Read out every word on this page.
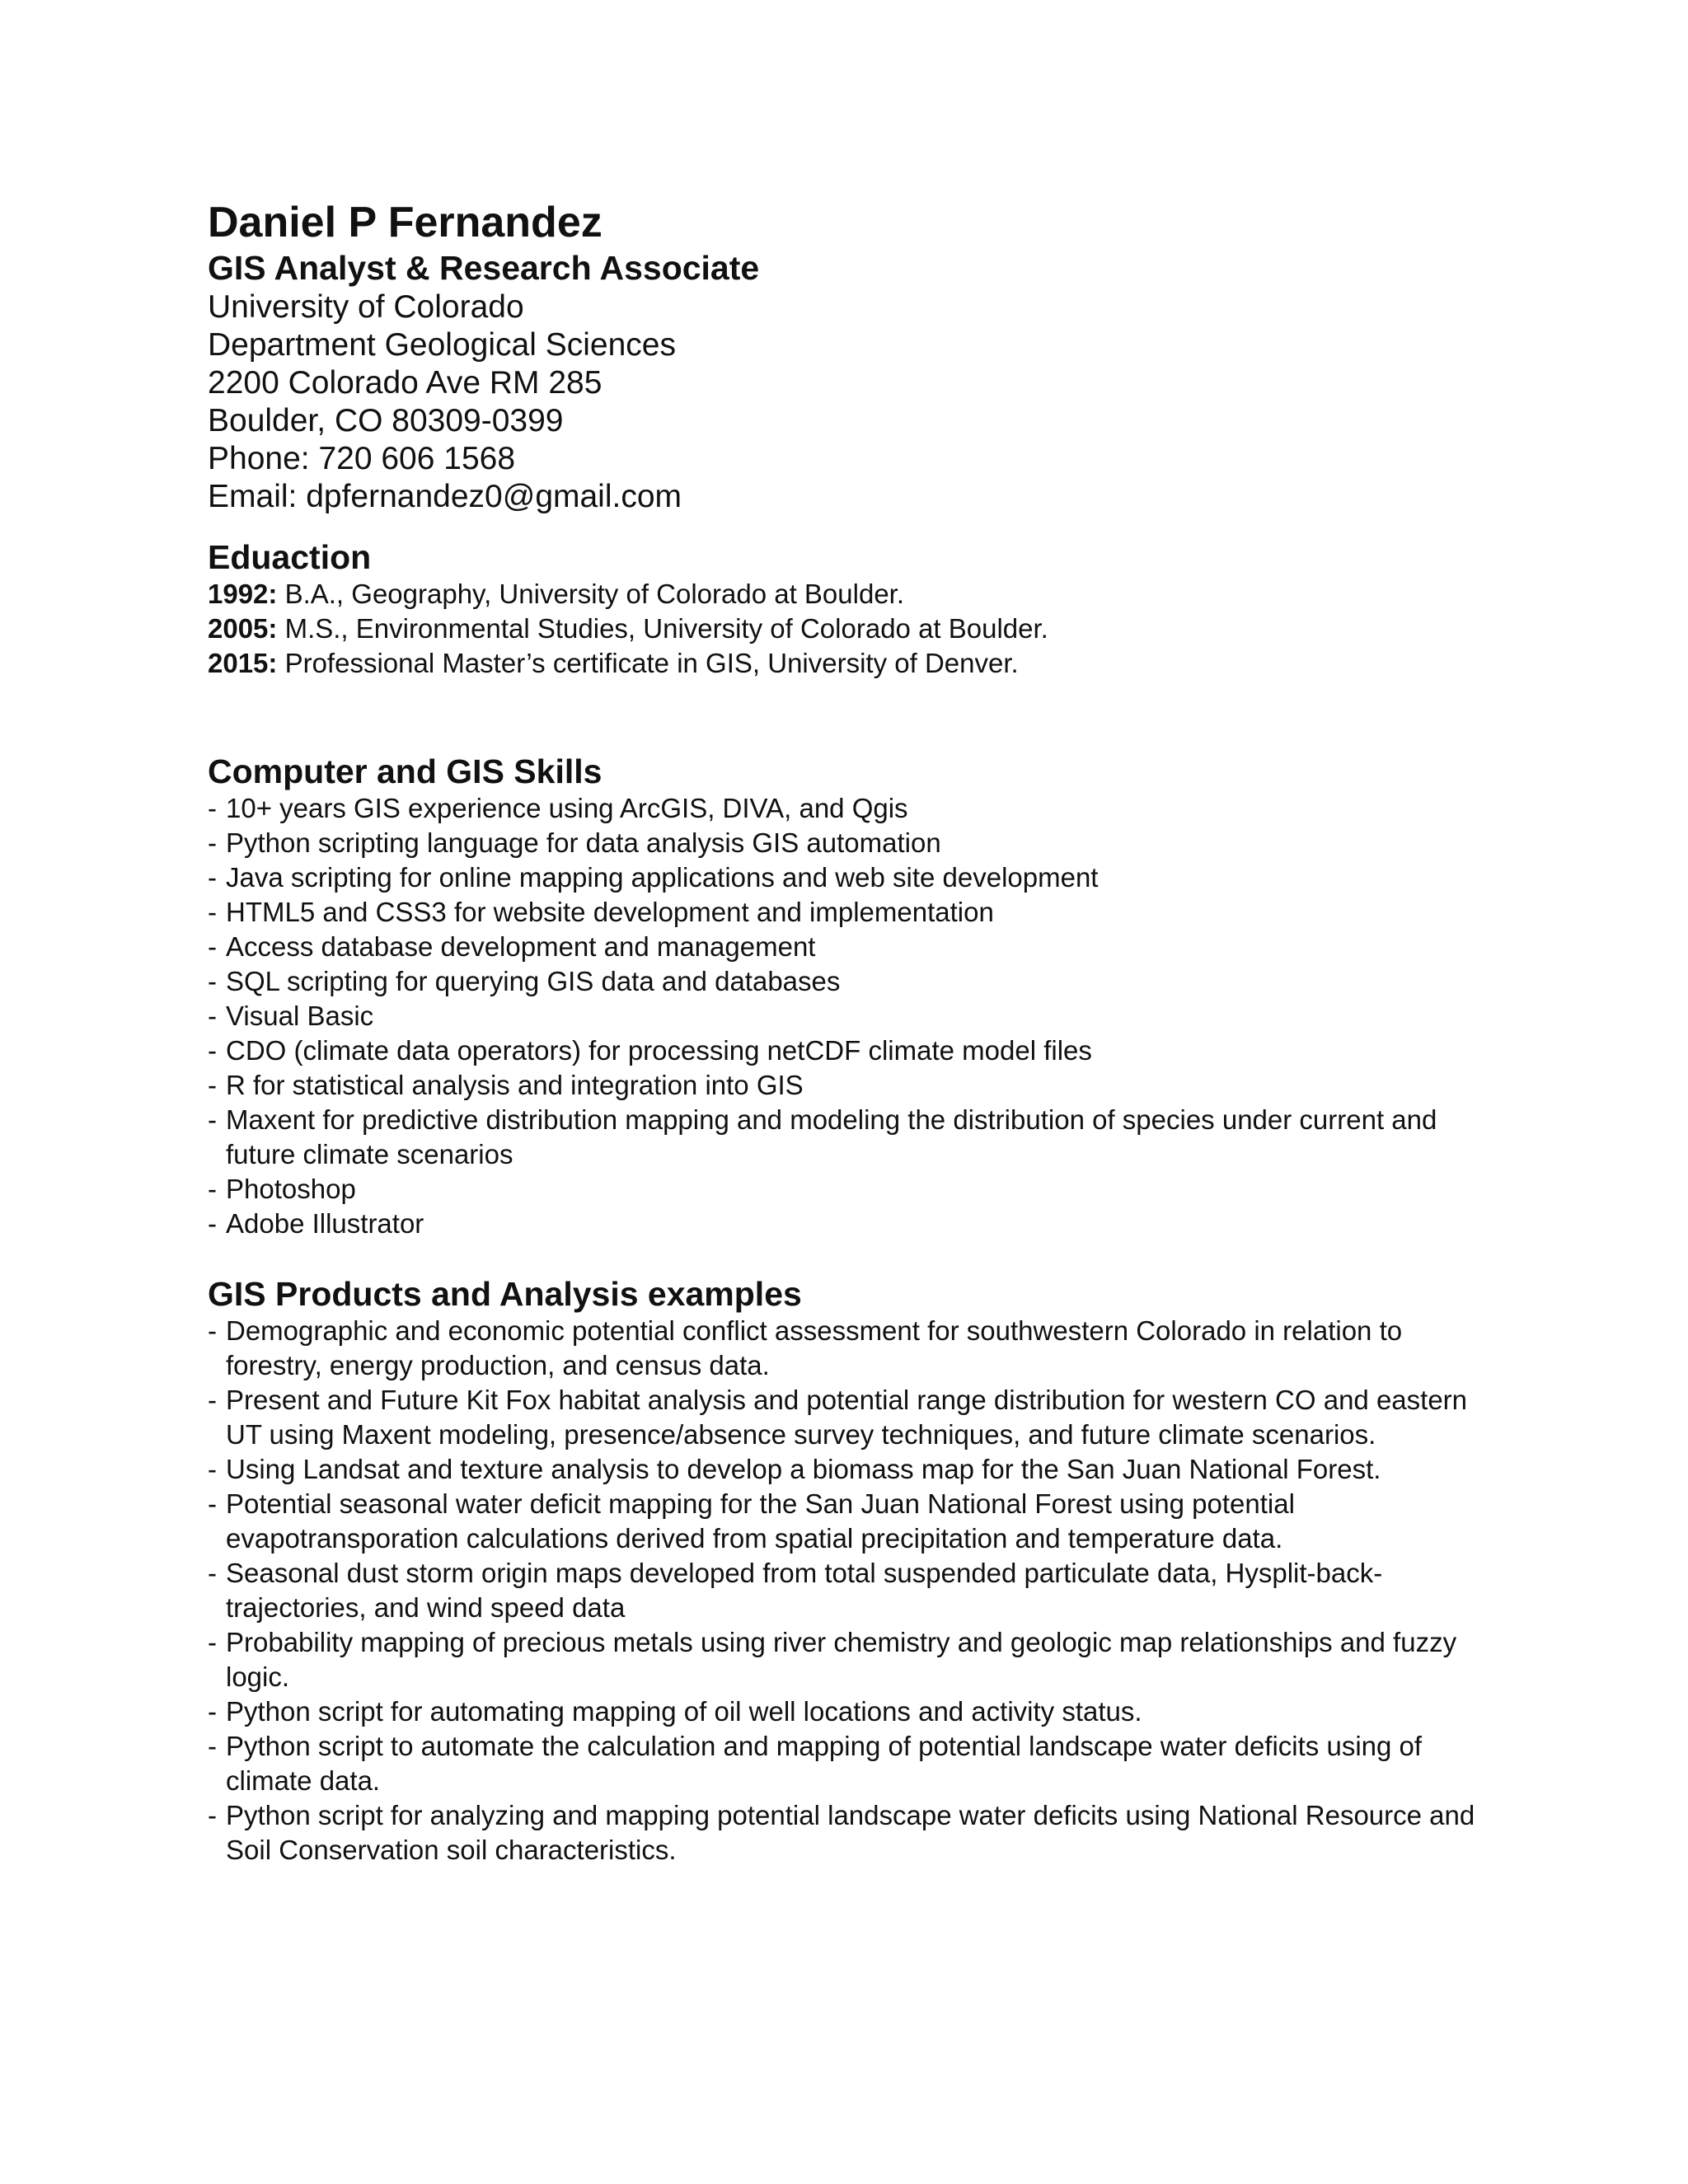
Daniel P Fernandez
GIS Analyst & Research Associate

University of Colorado

Department Geological Sciences

2200 Colorado Ave RM 285

Boulder, CO 80309-0399

Phone: 720 606 1568

Email: dpfernandez0@gmail.com

Eduaction

1992: B.A., Geography, University of Colorado at Boulder.

2005: M.S., Environmental Studies, University of Colorado at Boulder.

2015: Professional Master’s certificate in GIS, University of Denver.

Computer and GIS Skills
- 10+ years GIS experience using ArcGIS, DIVA, and Qgis
- Python scripting language for data analysis GIS automation
- Java scripting for online mapping applications and web site development
- HTML5 and CSS3 for website development and implementation
- Access database development and management
- SQL scripting for querying GIS data and databases
- Visual Basic
- CDO (climate data operators) for processing netCDF climate model files
- R for statistical analysis and integration into GIS
- Maxent for predictive distribution mapping and modeling the distribution of species under current and future climate scenarios
- Photoshop
- Adobe Illustrator
GIS Products and Analysis examples
- Demographic and economic potential conflict assessment for southwestern Colorado in relation to forestry, energy production, and census data.
- Present and Future Kit Fox habitat analysis and potential range distribution for western CO and eastern UT using Maxent modeling, presence/absence survey techniques, and future climate scenarios.
- Using Landsat and texture analysis to develop a biomass map for the San Juan National Forest.
- Potential seasonal water deficit mapping for the San Juan National Forest using potential evapotransporation calculations derived from spatial precipitation and temperature data.
- Seasonal dust storm origin maps developed from total suspended particulate data, Hysplit-back-trajectories, and wind speed data
- Probability mapping of precious metals using river chemistry and geologic map relationships and fuzzy logic.
- Python script for automating mapping of oil well locations and activity status.
- Python script to automate the calculation and mapping of potential landscape water deficits using of climate data.
- Python script for analyzing and mapping potential landscape water deficits using National Resource and Soil Conservation soil characteristics.
